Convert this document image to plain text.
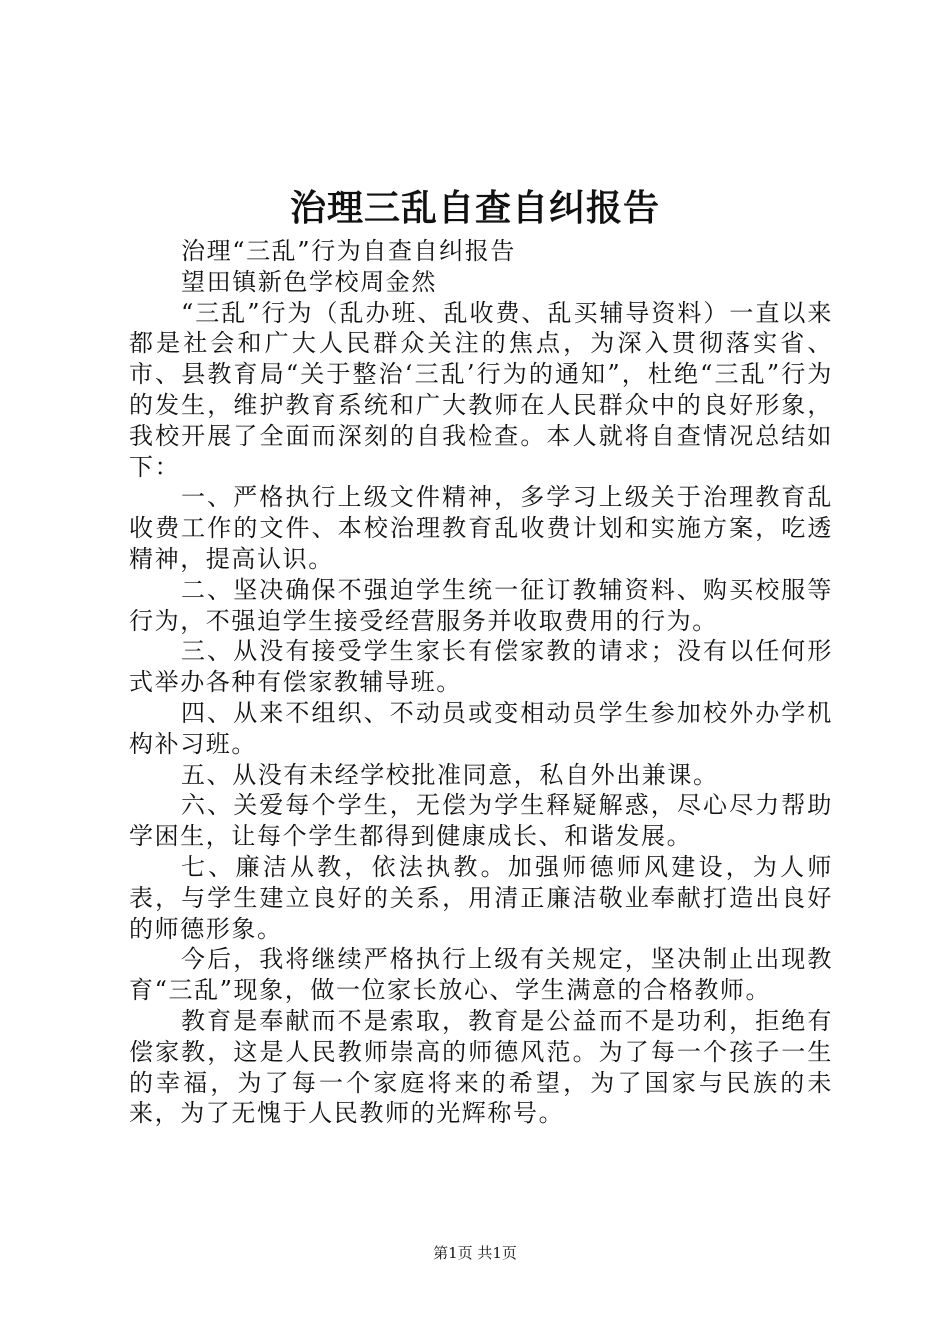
治理三乱自查自纠报告

治理“三乱”行为自查自纠报告

望田镇新色学校周金然

“三乱”行为（乱办班、乱收费、乱买辅导资料）一直以来都是社会和广大人民群众关注的焦点，为深入贯彻落实省、市、县教育局“关于整治‘三乱’行为的通知”，杜绝“三乱”行为的发生，维护教育系统和广大教师在人民群众中的良好形象，我校开展了全面而深刻的自我检查。本人就将自查情况总结如下：

一、严格执行上级文件精神，多学习上级关于治理教育乱收费工作的文件、本校治理教育乱收费计划和实施方案，吃透精神，提高认识。

二、坚决确保不强迫学生统一征订教辅资料、购买校服等行为，不强迫学生接受经营服务并收取费用的行为。

三、从没有接受学生家长有偿家教的请求；没有以任何形式举办各种有偿家教辅导班。

四、从来不组织、不动员或变相动员学生参加校外办学机构补习班。

五、从没有未经学校批准同意，私自外出兼课。

六、关爱每个学生，无偿为学生释疑解惑，尽心尽力帮助学困生，让每个学生都得到健康成长、和谐发展。

七、廉洁从教，依法执教。加强师德师风建设，为人师表，与学生建立良好的关系，用清正廉洁敬业奉献打造出良好的师德形象。

今后，我将继续严格执行上级有关规定，坚决制止出现教育“三乱”现象，做一位家长放心、学生满意的合格教师。

教育是奉献而不是索取，教育是公益而不是功利，拒绝有偿家教，这是人民教师崇高的师德风范。为了每一个孩子一生的幸福，为了每一个家庭将来的希望，为了国家与民族的未来，为了无愧于人民教师的光辉称号。

第1页 共1页
